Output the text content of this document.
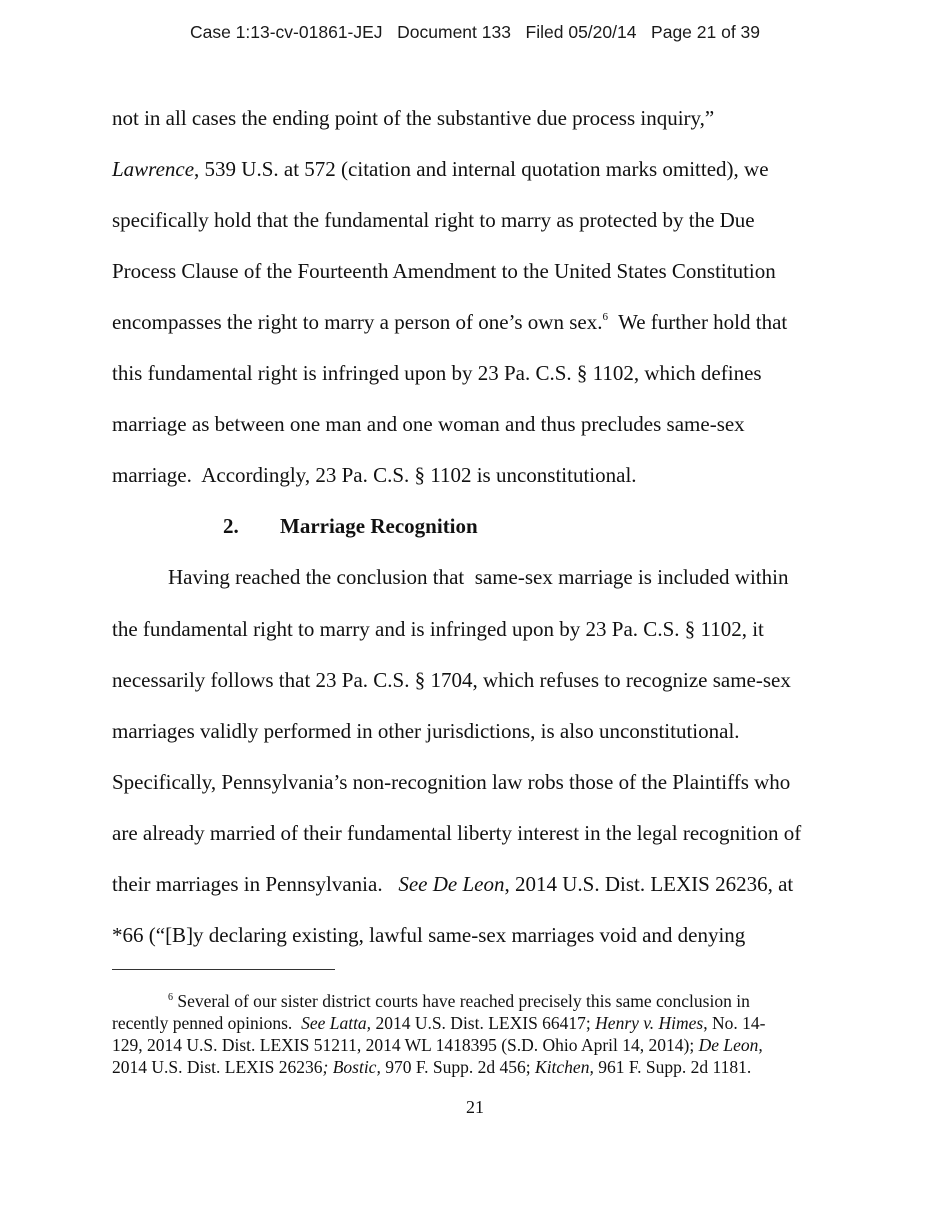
Case 1:13-cv-01861-JEJ   Document 133   Filed 05/20/14   Page 21 of 39
not in all cases the ending point of the substantive due process inquiry,”
Lawrence, 539 U.S. at 572 (citation and internal quotation marks omitted), we
specifically hold that the fundamental right to marry as protected by the Due
Process Clause of the Fourteenth Amendment to the United States Constitution
encompasses the right to marry a person of one’s own sex.$^6$  We further hold that
this fundamental right is infringed upon by 23 Pa. C.S. § 1102, which defines
marriage as between one man and one woman and thus precludes same-sex
marriage.  Accordingly, 23 Pa. C.S. § 1102 is unconstitutional.
2. Marriage Recognition
Having reached the conclusion that  same-sex marriage is included within
the fundamental right to marry and is infringed upon by 23 Pa. C.S. § 1102, it
necessarily follows that 23 Pa. C.S. § 1704, which refuses to recognize same-sex
marriages validly performed in other jurisdictions, is also unconstitutional.
Specifically, Pennsylvania’s non-recognition law robs those of the Plaintiffs who
are already married of their fundamental liberty interest in the legal recognition of
their marriages in Pennsylvania.   See De Leon, 2014 U.S. Dist. LEXIS 26236, at
*66 (“[B]y declaring existing, lawful same-sex marriages void and denying
$^6$ Several of our sister district courts have reached precisely this same conclusion in
recently penned opinions.  See Latta, 2014 U.S. Dist. LEXIS 66417; Henry v. Himes, No. 14-
129, 2014 U.S. Dist. LEXIS 51211, 2014 WL 1418395 (S.D. Ohio April 14, 2014); De Leon,
2014 U.S. Dist. LEXIS 26236; Bostic, 970 F. Supp. 2d 456; Kitchen, 961 F. Supp. 2d 1181.
21
